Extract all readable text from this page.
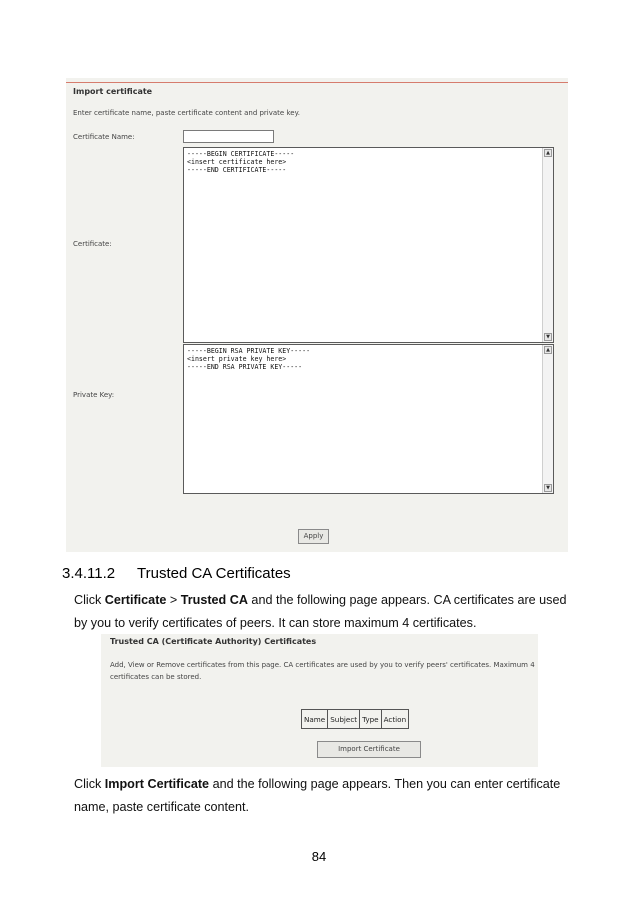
Import certificate
Enter certificate name, paste certificate content and private key.
Certificate Name:
Certificate:
-----BEGIN CERTIFICATE-----
<insert certificate here>
-----END CERTIFICATE-----
▲
▼
Private Key:
-----BEGIN RSA PRIVATE KEY-----
<insert private key here>
-----END RSA PRIVATE KEY-----
▲
▼
Apply
3.4.11.2 Trusted CA Certificates
Click Certificate > Trusted CA and the following page appears. CA certificates are used by you to verify certificates of peers. It can store maximum 4 certificates.
Trusted CA (Certificate Authority) Certificates
Add, View or Remove certificates from this page. CA certificates are used by you to verify peers' certificates. Maximum 4 certificates can be stored.
Name	Subject	Type	Action
Import Certificate
Click Import Certificate and the following page appears. Then you can enter certificate name, paste certificate content.
84
